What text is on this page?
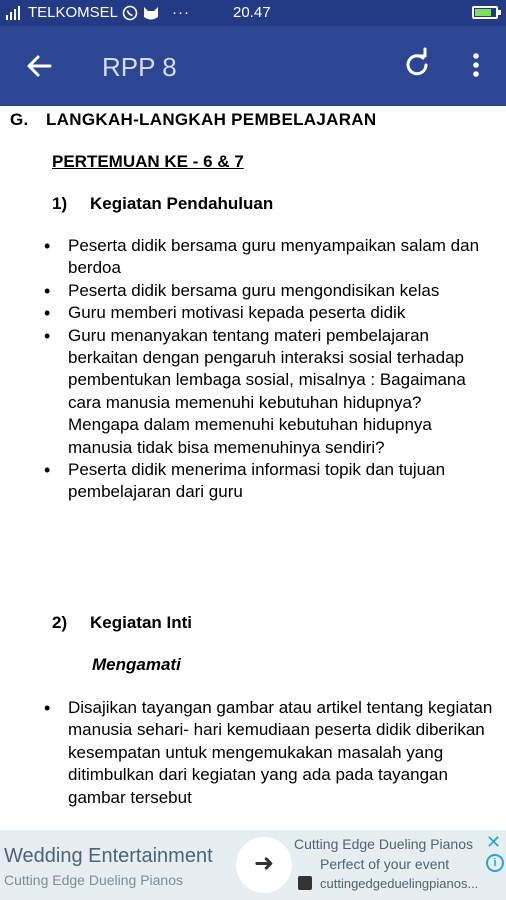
TELKOMSEL	···	20.47
RPP 8
G. LANGKAH-LANGKAH PEMBELAJARAN
PERTEMUAN KE - 6 & 7
1) Kegiatan Pendahuluan
• Peserta didik bersama guru menyampaikan salam dan berdoa
• Peserta didik bersama guru mengondisikan kelas
• Guru memberi motivasi kepada peserta didik
• Guru menanyakan tentang materi pembelajaran berkaitan dengan pengaruh interaksi sosial terhadap pembentukan lembaga sosial, misalnya : Bagaimana cara manusia memenuhi kebutuhan hidupnya? Mengapa dalam memenuhi kebutuhan hidupnya manusia tidak bisa memenuhinya sendiri?
• Peserta didik menerima informasi topik dan tujuan pembelajaran dari guru
2) Kegiatan Inti
Mengamati
• Disajikan tayangan gambar atau artikel tentang kegiatan manusia sehari- hari kemudiaan peserta didik diberikan kesempatan untuk mengemukakan masalah yang ditimbulkan dari kegiatan yang ada pada tayangan gambar tersebut
Wedding Entertainment
Cutting Edge Dueling Pianos
➜
Cutting Edge Dueling Pianos
Perfect of your event
cuttingedgeduelingpianos...
✕
i
